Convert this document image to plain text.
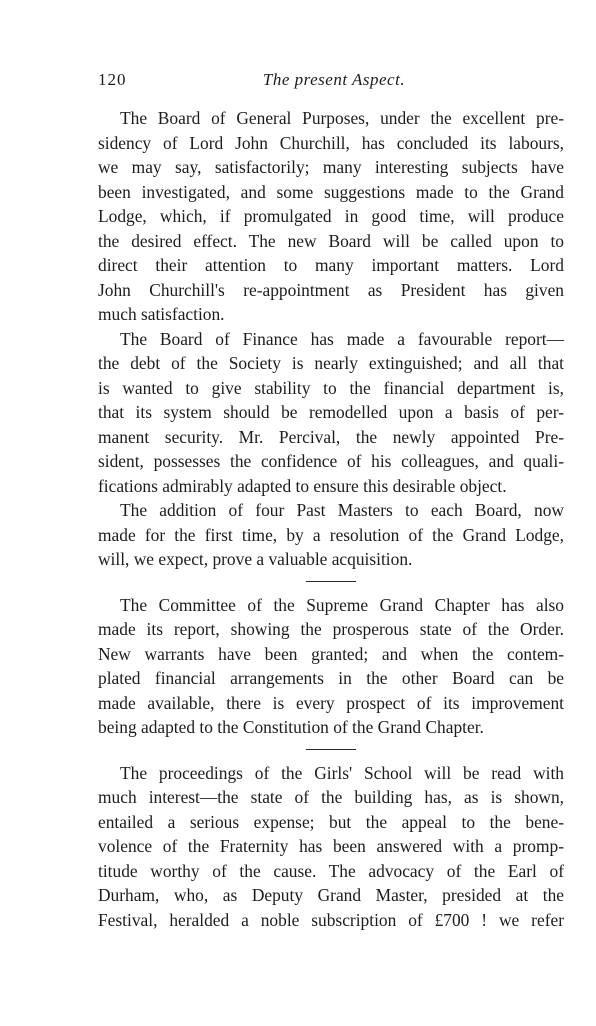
120	The present Aspect.
The Board of General Purposes, under the excellent pre-
sidency of Lord John Churchill, has concluded its labours,
we may say, satisfactorily; many interesting subjects have
been investigated, and some suggestions made to the Grand
Lodge, which, if promulgated in good time, will produce
the desired effect. The new Board will be called upon to
direct their attention to many important matters. Lord
John Churchill's re-appointment as President has given
much satisfaction.
The Board of Finance has made a favourable report—
the debt of the Society is nearly extinguished; and all that
is wanted to give stability to the financial department is,
that its system should be remodelled upon a basis of per-
manent security. Mr. Percival, the newly appointed Pre-
sident, possesses the confidence of his colleagues, and quali-
fications admirably adapted to ensure this desirable object.
The addition of four Past Masters to each Board, now
made for the first time, by a resolution of the Grand Lodge,
will, we expect, prove a valuable acquisition.
The Committee of the Supreme Grand Chapter has also
made its report, showing the prosperous state of the Order.
New warrants have been granted; and when the contem-
plated financial arrangements in the other Board can be
made available, there is every prospect of its improvement
being adapted to the Constitution of the Grand Chapter.
The proceedings of the Girls' School will be read with
much interest—the state of the building has, as is shown,
entailed a serious expense; but the appeal to the bene-
volence of the Fraternity has been answered with a promp-
titude worthy of the cause. The advocacy of the Earl of
Durham, who, as Deputy Grand Master, presided at the
Festival, heralded a noble subscription of £700 ! we refer
